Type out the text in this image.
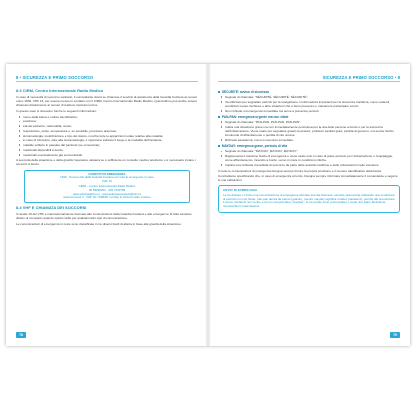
8 • SICUREZZA E PRIMO SOCCORSO
8.3 CIRM, Centro Internazionale Radio Medico

In caso di necessità di soccorso sanitario, il comandante dovrà se chiamare il servizio di assistenza della Guardia Costiera ai numeri unico 1530, VHF 16, per essere messo in contatto con il CIRM, Centro Internazionale Radio Medico. Quest'ultimo può anche essere chiamato direttamente ai numeri di telefono riportati nel box.

In questo caso si dovranno fornire le seguenti informazioni:

nome della barca e codice identificativo;
posizione;
età del paziente, nazionalità, sesso;
respirazione, polso, temperatura e, se possibile, pressione arteriosa;
sintomatologia, localizzazione e tipo del dolore, nonché tutte le apparizioni notate relative alla malattia;
in caso di infortunio, oltre alla sintomatologia, è opportuno indicare il luogo e la modalità dell'incidente;
malattie sofferte in passato dal paziente (se conosciute);
medicinali disponibili a bordo;
medicinali eventualmente già somministrati.

A seconda della situazione e della gravità l'operatore valuterà se è sufficiente un consulto medico telefonico o è necessario inviare i soccorsi a bordo.

CONTATTI DI EMERGENZA
1530 · Numero blu della Guardia Costiera per tutte le emergenze in mare
VHF 16
CIRM – Centro Internazionale Radio Medico
06 59290263 · 329 7233758
telemedicina@cirm.it · telemedicinacomando@cirm.it
www.cirmmed.it · VHF 16 / SSB/RT su tutte le stazioni radio costiere
8.4 VHF E CHIAMATA DEI SOCCORSI

Il canale 16 del VHF è internazionalmente riservato alle comunicazioni della Guardia Costiera e alle emergenze. È fatto assoluto divieto di occuparlo quando spazio radio per qualsiasi altro tipo di comunicazione.

Le comunicazioni di emergenza in mare sono classificate in tre diversi livelli di allerta in base alla gravità della situazione:

78
SICUREZZA E PRIMO SOCCORSO • 8
SÉCURITÉ: avviso di sicurezza
Segnale di chiamata: "SÉCURITÉ, SÉCURITÉ, SÉCURITÉ".
Va utilizzato per segnalare pericoli per la navigazione o informazioni importanti per la sicurezza marittima, come ostacoli, condizioni meteo rischiose o altre situazioni che è bene prevenire o mantenere partecipare a terzi.
Non richiede un'emergenza immediata ma serve a prevenire pericoli.
PAN-PAN: emergenza urgente ma non vitale
Segnale di chiamata: "PAN-PAN, PAN-PAN, PAN-PAN".
Indica una situazione grave ma non immediatamente pericolosa per la vita delle persone a bordo o per la sicurezza dell'imbarcazione. Viene usato per segnalare guasti meccanici, problemi sanitari gravi, perdita di governo, ma senza rischio imminente di affondamento o perdita di vite umane.
Richiede assistenza, ma non soccorso immediato.
MAYDAY: emergenza grave, pericolo di vita
Segnale di chiamata: "MAYDAY, MAYDAY, MAYDAY".
Rappresenta il massimo livello di emergenza e viene usato solo in caso di grave pericolo per l'imbarcazione o l'equipaggio, come affondamento, incendio a bordo, uomo in mare in condizioni critiche.
Implica una richiesta immediata di soccorso da parte delle autorità marittime e delle imbarcazioni nelle vicinanze.

In tutte le comunicazioni di emergenza bisogna sempre fornire la propria posizione e il numero identificativo della barca.

Concludiamo specificando che, in caso di emergenza a bordo, bisogna sempre informare immediatamente il comandante e seguire le sue indicazioni.

UN PO' DI ETIMOLOGIA
Le tre diciture e l'inizio una comunicazione di emergenza derivate tutti dal francese: sécurité (sicurezza) indicando una condizione di pericolo non più fluide, pan-pan deriva da panne (guasto), mentre mayday significa m'aidez (aiutatemi), perché dal pronunciare il suono rischia di non venire e di non comprendere "mayday". le tre parole sono pronunciate in modo che siano facilmente riconoscibili in trasmissione.
79
